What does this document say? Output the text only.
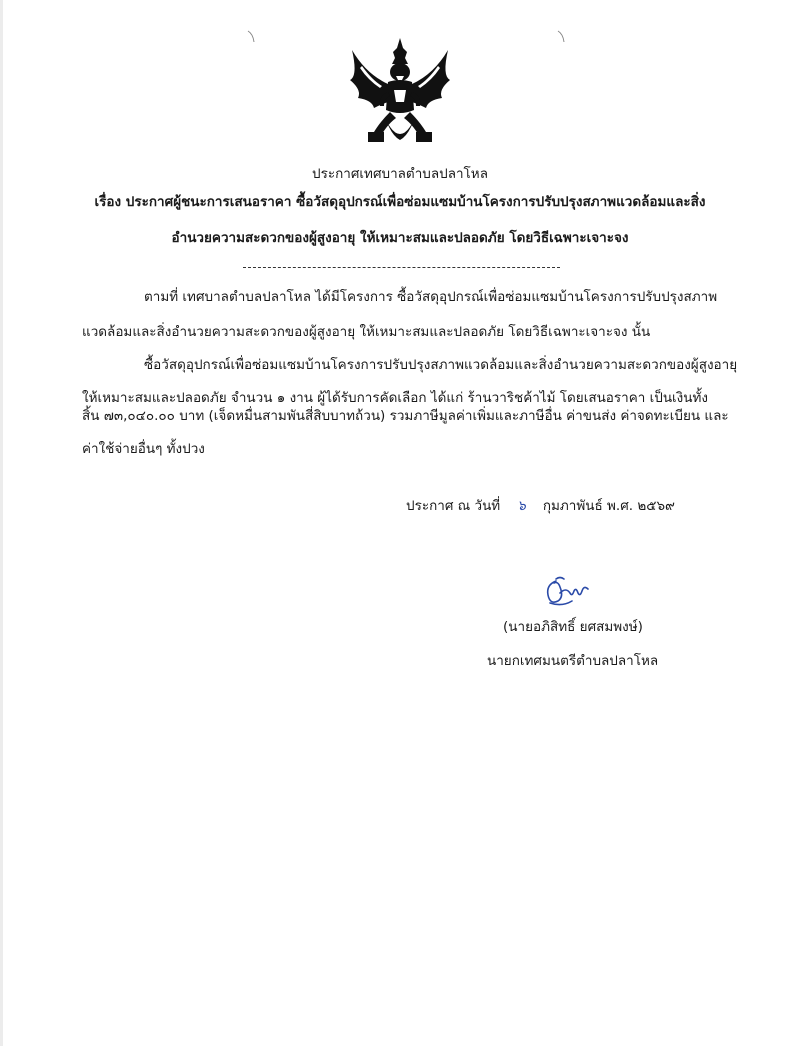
ประกาศเทศบาลตำบลปลาโหล
เรื่อง ประกาศผู้ชนะการเสนอราคา ซื้อวัสดุอุปกรณ์เพื่อซ่อมแซมบ้านโครงการปรับปรุงสภาพแวดล้อมและสิ่ง
อำนวยความสะดวกของผู้สูงอายุ ให้เหมาะสมและปลอดภัย โดยวิธีเฉพาะเจาะจง
ตามที่ เทศบาลตำบลปลาโหล ได้มีโครงการ ซื้อวัสดุอุปกรณ์เพื่อซ่อมแซมบ้านโครงการปรับปรุงสภาพ
แวดล้อมและสิ่งอำนวยความสะดวกของผู้สูงอายุ ให้เหมาะสมและปลอดภัย โดยวิธีเฉพาะเจาะจง นั้น
ซื้อวัสดุอุปกรณ์เพื่อซ่อมแซมบ้านโครงการปรับปรุงสภาพแวดล้อมและสิ่งอำนวยความสะดวกของผู้สูงอายุ
ให้เหมาะสมและปลอดภัย จำนวน ๑ งาน ผู้ได้รับการคัดเลือก ได้แก่ ร้านวาริชค้าไม้ โดยเสนอราคา เป็นเงินทั้ง
สิ้น ๗๓,๐๔๐.๐๐ บาท (เจ็ดหมื่นสามพันสี่สิบบาทถ้วน) รวมภาษีมูลค่าเพิ่มและภาษีอื่น ค่าขนส่ง ค่าจดทะเบียน และ
ค่าใช้จ่ายอื่นๆ ทั้งปวง
ประกาศ ณ วันที่ ๖ กุมภาพันธ์ พ.ศ. ๒๕๖๙
(นายอภิสิทธิ์ ยศสมพงษ์)
นายกเทศมนตรีตำบลปลาโหล
